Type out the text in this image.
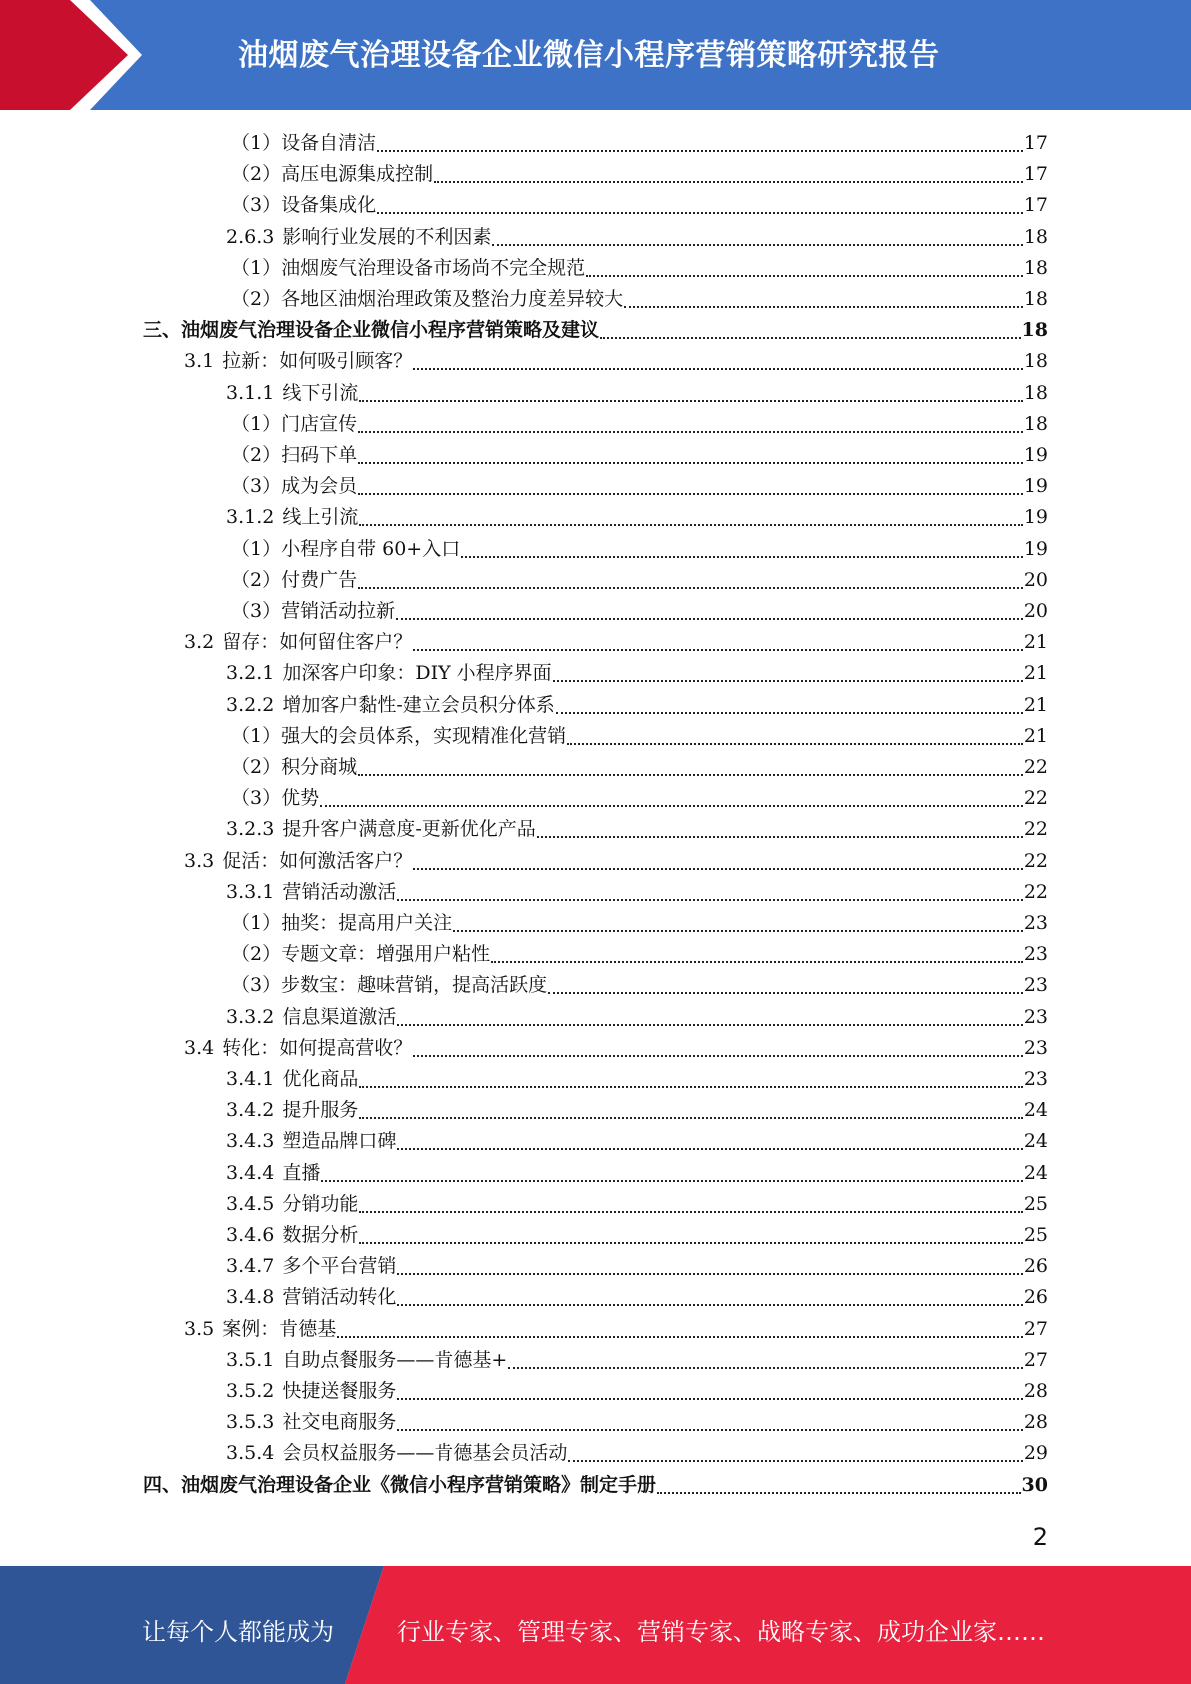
油烟废气治理设备企业微信小程序营销策略研究报告
（1）设备自清洁	17
（2）高压电源集成控制	17
（3）设备集成化	17
2.6.3 影响行业发展的不利因素	18
（1）油烟废气治理设备市场尚不完全规范	18
（2）各地区油烟治理政策及整治力度差异较大	18
三、油烟废气治理设备企业微信小程序营销策略及建议	18
3.1 拉新：如何吸引顾客？	18
3.1.1 线下引流	18
（1）门店宣传	18
（2）扫码下单	19
（3）成为会员	19
3.1.2 线上引流	19
（1）小程序自带 60+入口	19
（2）付费广告	20
（3）营销活动拉新	20
3.2 留存：如何留住客户？	21
3.2.1 加深客户印象：DIY 小程序界面	21
3.2.2 增加客户黏性-建立会员积分体系	21
（1）强大的会员体系，实现精准化营销	21
（2）积分商城	22
（3）优势	22
3.2.3 提升客户满意度-更新优化产品	22
3.3 促活：如何激活客户？	22
3.3.1 营销活动激活	22
（1）抽奖：提高用户关注	23
（2）专题文章：增强用户粘性	23
（3）步数宝：趣味营销，提高活跃度	23
3.3.2 信息渠道激活	23
3.4 转化：如何提高营收？	23
3.4.1 优化商品	23
3.4.2 提升服务	24
3.4.3 塑造品牌口碑	24
3.4.4 直播	24
3.4.5 分销功能	25
3.4.6 数据分析	25
3.4.7 多个平台营销	26
3.4.8 营销活动转化	26
3.5 案例：肯德基	27
3.5.1 自助点餐服务——肯德基+	27
3.5.2 快捷送餐服务	28
3.5.3 社交电商服务	28
3.5.4 会员权益服务——肯德基会员活动	29
四、油烟废气治理设备企业《微信小程序营销策略》制定手册	30
2
让每个人都能成为	行业专家、管理专家、营销专家、战略专家、成功企业家……
